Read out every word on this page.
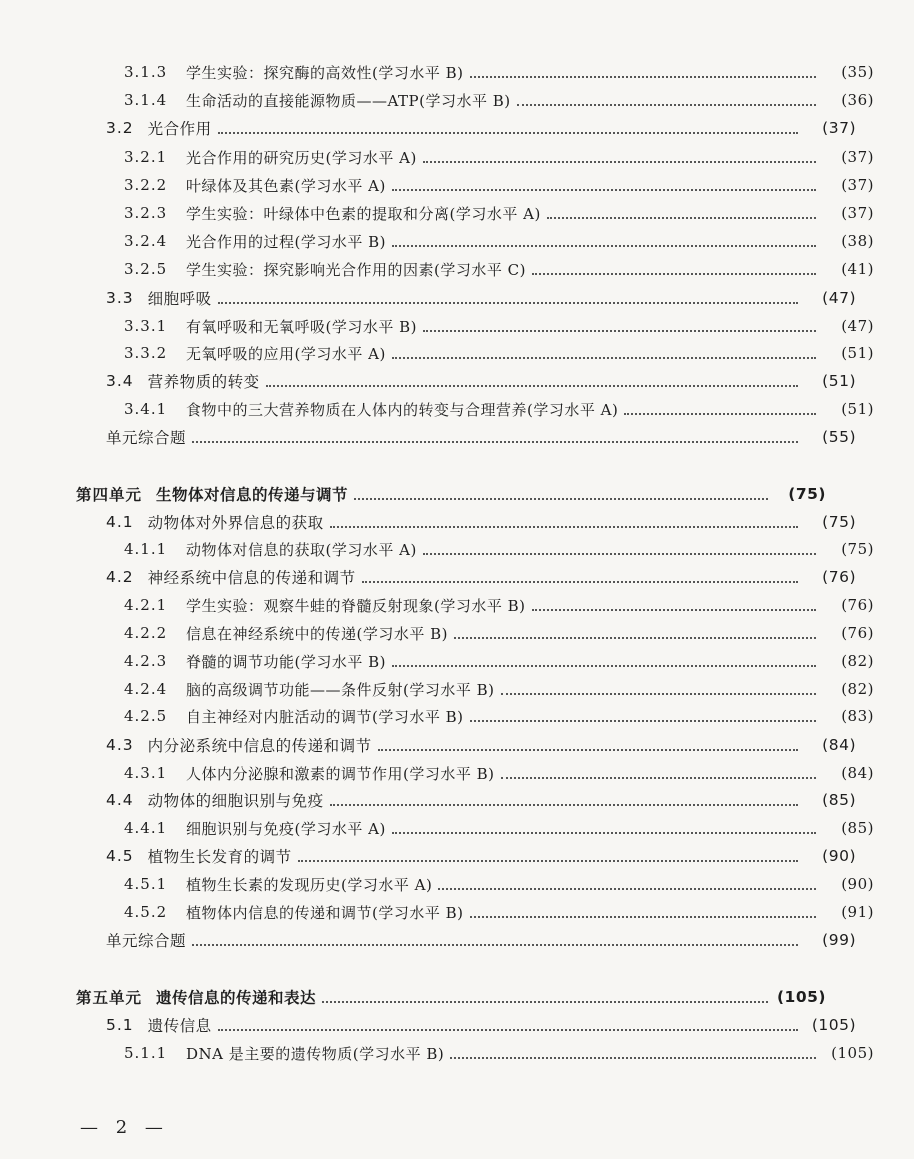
3.1.3	学生实验：探究酶的高效性(学习水平 B)	(35)
3.1.4	生命活动的直接能源物质——ATP(学习水平 B)	(36)
3.2 光合作用	(37)
3.2.1	光合作用的研究历史(学习水平 A)	(37)
3.2.2	叶绿体及其色素(学习水平 A)	(37)
3.2.3	学生实验：叶绿体中色素的提取和分离(学习水平 A)	(37)
3.2.4	光合作用的过程(学习水平 B)	(38)
3.2.5	学生实验：探究影响光合作用的因素(学习水平 C)	(41)
3.3 细胞呼吸	(47)
3.3.1	有氧呼吸和无氧呼吸(学习水平 B)	(47)
3.3.2	无氧呼吸的应用(学习水平 A)	(51)
3.4 营养物质的转变	(51)
3.4.1	食物中的三大营养物质在人体内的转变与合理营养(学习水平 A)	(51)
单元综合题	(55)
第四单元 生物体对信息的传递与调节	(75)
4.1 动物体对外界信息的获取	(75)
4.1.1	动物体对信息的获取(学习水平 A)	(75)
4.2 神经系统中信息的传递和调节	(76)
4.2.1	学生实验：观察牛蛙的脊髓反射现象(学习水平 B)	(76)
4.2.2	信息在神经系统中的传递(学习水平 B)	(76)
4.2.3	脊髓的调节功能(学习水平 B)	(82)
4.2.4	脑的高级调节功能——条件反射(学习水平 B)	(82)
4.2.5	自主神经对内脏活动的调节(学习水平 B)	(83)
4.3 内分泌系统中信息的传递和调节	(84)
4.3.1	人体内分泌腺和激素的调节作用(学习水平 B)	(84)
4.4 动物体的细胞识别与免疫	(85)
4.4.1	细胞识别与免疫(学习水平 A)	(85)
4.5 植物生长发育的调节	(90)
4.5.1	植物生长素的发现历史(学习水平 A)	(90)
4.5.2	植物体内信息的传递和调节(学习水平 B)	(91)
单元综合题	(99)
第五单元 遗传信息的传递和表达	(105)
5.1 遗传信息	(105)
5.1.1	DNA 是主要的遗传物质(学习水平 B)	(105)
— 2 —
